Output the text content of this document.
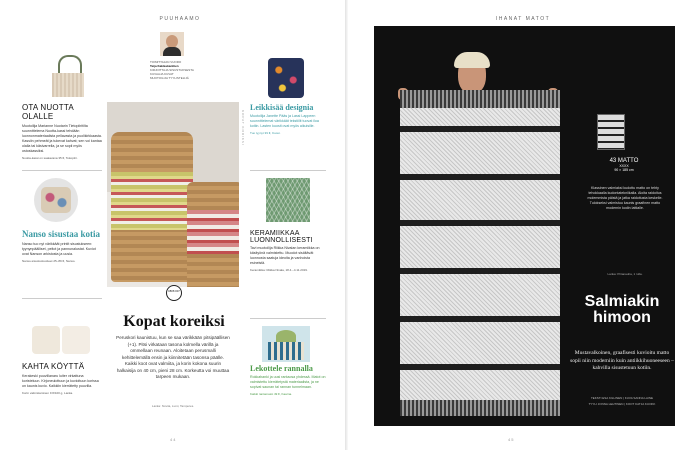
PUUHAAMO
TOIMITTAJAN VUORO
Teija Kaklaskanttien
KIRJOITTAJA SISUSTUKSESTA
KUVAAJA KUVAT
MUOTOILIJA TYYLISTELIJÄ
OTA NUOTTA OLALLE
Muotoilija Marianne Nuotarin Tietopiiritilta suunnittelema Nuotta-kassi tehdään luonnonmateriaalista pellavasta ja puolikirkkaasta. Kassiin pehmeät ja tukevat kahvat; sen voi kantaa olalla tai käsivarrella, ja se sopii myös ostoskassiksi.
Nuotta-kassi on saatavana 35 €, Tokopiiri.
Nanso sisustaa kotia
Nanso tuo nyt värikkäät printit sisustukseen: tyynynpäälliset, peitot ja pannunalustat. Kuviot ovat Nanson arkistosta ja uusia.
Nanso-sisustustuotteet 25–89 €, Nanso.
KAHTA KÖYTTÄ
Kerakeski puuvillanaru luiter virkattuna koristeluun. Kirjoneulottuun ja kuvioituun korissa on kaunis kuvio. Kaikkiin kierrätetty puuvilla.
Korin valmistaminen 9 €/100 g, Lanka.
KOPAT KORIKSI
Leikkisää designia
Muotoilija Janette Pääs ja Lassi Lappeen suunnittelemat värikkäät tekstiilit tuovat iloa kotiin. Lasten kuosit ovat myös aikuisille.
Tuo tyynyt 39 €, Kuosi.
KERAMIIKKAA LUONNOLLISESTI
Tavi muotoilija Riikka Nivalan keramiikka on käsityönä valmistettu. Muodot sisältävät luonnosta saatuja ideoita ja vanhoista esineistä.
Keramiikka: Riikka Nivala, 18.4.–4.11.2019.
Lekottele rannalla
Rokkahanki ja uusi rantaosa yhdessä. Matot on valmistettu kierrätetystä materiaalista, ja ne sopivat saunan tai rannan tunnelmaan.
Kaikki rantamatot 49 €, Kaarna.
0808 007
Kopat koreiksi
Peruskori kaunistuu, kun se saa värikkään pitsipäällisen (+1). Pitsi virkataan tasona kolmella värillä ja ommellaan reunaan. Aloitetaan perusmalli kehittelemällä ensin ja kiinnitetään tasonsa päälle. Kaikki koot ovat valmiita, ja korin kokona suurin halkaisija on 40 cm, pieni 28 cm. Korkeutta voi muuttaa tarpeen mukaan.
Lanka: Novita, Lumi, Tamperes.
44
IHANAT MATOT
43 MATTO
XXXX
90 × 185 cm
Klassinen valmiaksi kudottu matto on tehty tehokkaalla kudontatekniikalla. Aloita raidoitus molemmista päistä ja jatka raidoitusta keskelle. Tulokseksi valmistuu kaunis graafinen matto modernin kodin lattialle.
Lanka: Pirtanauha, 1 rulla.
Salmiakin himoon
Mustavalkoinen, graafisesti kuvioitu matto sopii niin moderniin kuin antiikkihuoneeseen – kahvilla sisustetuun kotiin.
TEKSTI ESA KILLINEN | KUVA SANNA LAINE
TYYLI JONNA LEHTINEN | KOOT KATJA KUOKK
45
